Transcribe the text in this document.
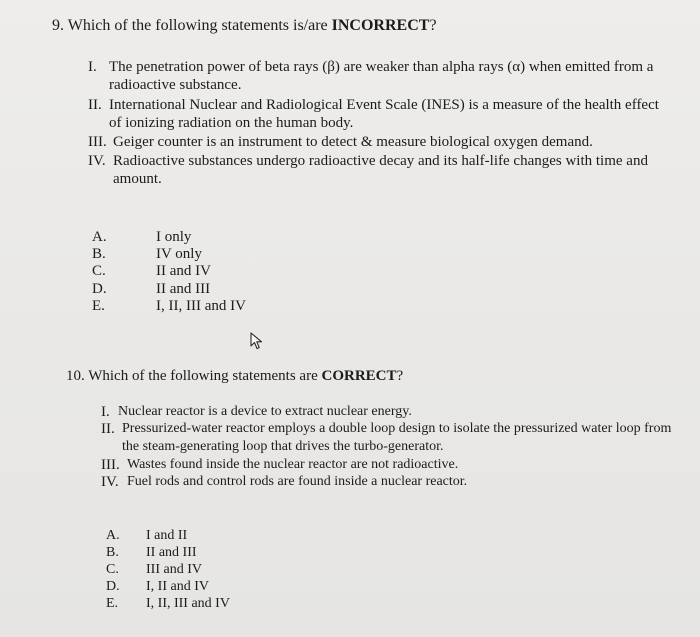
9. Which of the following statements is/are INCORRECT?
I. The penetration power of beta rays (β) are weaker than alpha rays (α) when emitted from a radioactive substance.
II. International Nuclear and Radiological Event Scale (INES) is a measure of the health effect of ionizing radiation on the human body.
III. Geiger counter is an instrument to detect & measure biological oxygen demand.
IV. Radioactive substances undergo radioactive decay and its half-life changes with time and amount.
A.	I only
B.	IV only
C.	II and IV
D.	II and III
E.	I, II, III and IV
10. Which of the following statements are CORRECT?
I. Nuclear reactor is a device to extract nuclear energy.
II. Pressurized-water reactor employs a double loop design to isolate the pressurized water loop from the steam-generating loop that drives the turbo-generator.
III. Wastes found inside the nuclear reactor are not radioactive.
IV. Fuel rods and control rods are found inside a nuclear reactor.
A. I and II
B. II and III
C. III and IV
D. I, II and IV
E. I, II, III and IV
